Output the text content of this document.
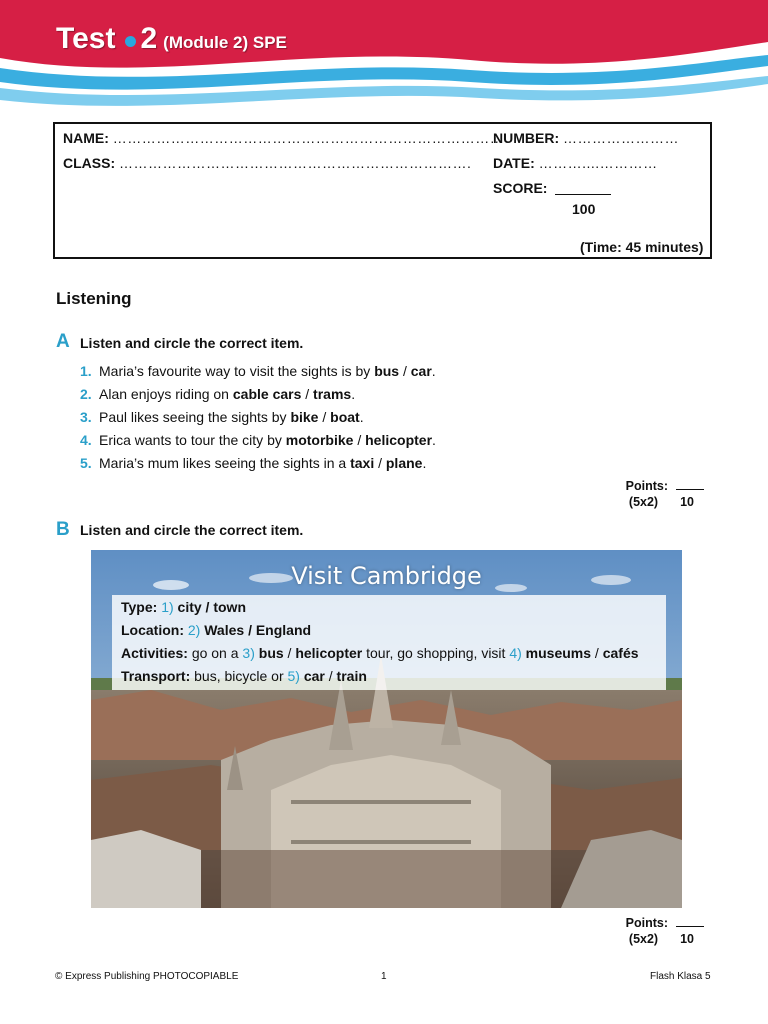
Test 2 (Module 2) SPE
NAME: ………………………………………………………………………
CLASS: ……………………………………………………………….
NUMBER: ……………………
DATE: ………....…………
SCORE:
100
(Time: 45 minutes)
Listening
A Listen and circle the correct item.
1. Maria’s favourite way to visit the sights is by bus / car.
2. Alan enjoys riding on cable cars / trams.
3. Paul likes seeing the sights by bike / boat.
4. Erica wants to tour the city by motorbike / helicopter.
5. Maria’s mum likes seeing the sights in a taxi / plane.
Points:
(5x2) 10
B Listen and circle the correct item.
Visit Cambridge
Type: 1) city / town
Location: 2) Wales / England
Activities: go on a 3) bus / helicopter tour, go shopping, visit 4) museums / cafés
Transport: bus, bicycle or 5) car / train
Points:
(5x2) 10
© Express Publishing PHOTOCOPIABLE	1	Flash Klasa 5
